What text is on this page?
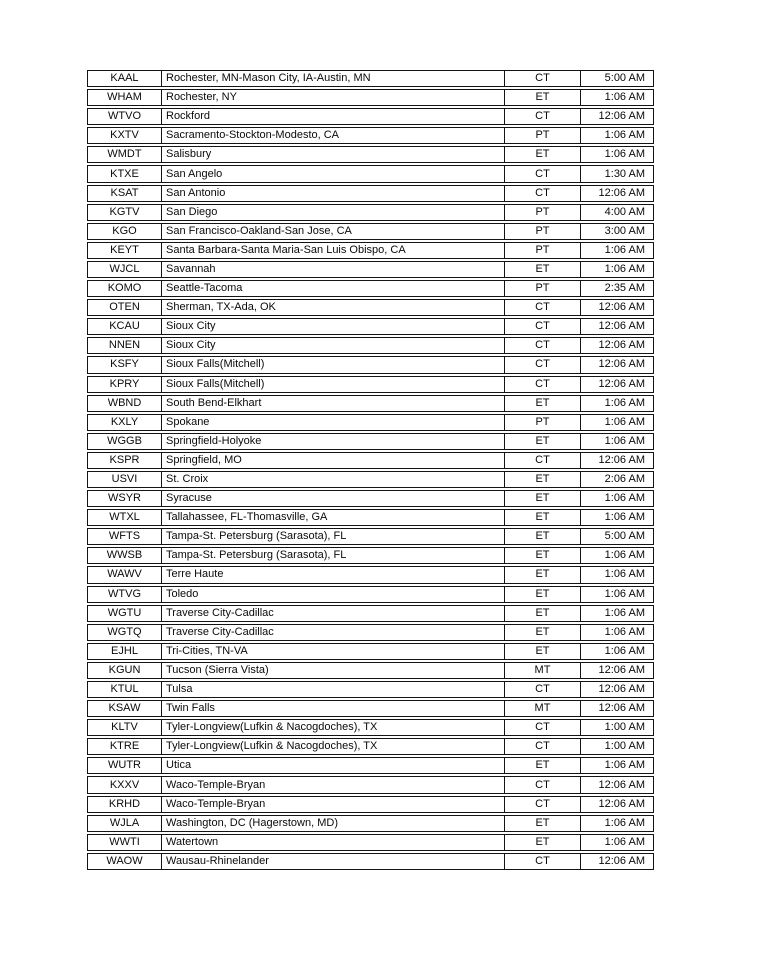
KAAL	Rochester, MN-Mason City, IA-Austin, MN	CT	5:00 AM
WHAM	Rochester, NY	ET	1:06 AM
WTVO	Rockford	CT	12:06 AM
KXTV	Sacramento-Stockton-Modesto, CA	PT	1:06 AM
WMDT	Salisbury	ET	1:06 AM
KTXE	San Angelo	CT	1:30 AM
KSAT	San Antonio	CT	12:06 AM
KGTV	San Diego	PT	4:00 AM
KGO	San Francisco-Oakland-San Jose, CA	PT	3:00 AM
KEYT	Santa Barbara-Santa Maria-San Luis Obispo, CA	PT	1:06 AM
WJCL	Savannah	ET	1:06 AM
KOMO	Seattle-Tacoma	PT	2:35 AM
OTEN	Sherman, TX-Ada, OK	CT	12:06 AM
KCAU	Sioux City	CT	12:06 AM
NNEN	Sioux City	CT	12:06 AM
KSFY	Sioux Falls(Mitchell)	CT	12:06 AM
KPRY	Sioux Falls(Mitchell)	CT	12:06 AM
WBND	South Bend-Elkhart	ET	1:06 AM
KXLY	Spokane	PT	1:06 AM
WGGB	Springfield-Holyoke	ET	1:06 AM
KSPR	Springfield, MO	CT	12:06 AM
USVI	St. Croix	ET	2:06 AM
WSYR	Syracuse	ET	1:06 AM
WTXL	Tallahassee, FL-Thomasville, GA	ET	1:06 AM
WFTS	Tampa-St. Petersburg (Sarasota), FL	ET	5:00 AM
WWSB	Tampa-St. Petersburg (Sarasota), FL	ET	1:06 AM
WAWV	Terre Haute	ET	1:06 AM
WTVG	Toledo	ET	1:06 AM
WGTU	Traverse City-Cadillac	ET	1:06 AM
WGTQ	Traverse City-Cadillac	ET	1:06 AM
EJHL	Tri-Cities, TN-VA	ET	1:06 AM
KGUN	Tucson (Sierra Vista)	MT	12:06 AM
KTUL	Tulsa	CT	12:06 AM
KSAW	Twin Falls	MT	12:06 AM
KLTV	Tyler-Longview(Lufkin & Nacogdoches), TX	CT	1:00 AM
KTRE	Tyler-Longview(Lufkin & Nacogdoches), TX	CT	1:00 AM
WUTR	Utica	ET	1:06 AM
KXXV	Waco-Temple-Bryan	CT	12:06 AM
KRHD	Waco-Temple-Bryan	CT	12:06 AM
WJLA	Washington, DC (Hagerstown, MD)	ET	1:06 AM
WWTI	Watertown	ET	1:06 AM
WAOW	Wausau-Rhinelander	CT	12:06 AM
